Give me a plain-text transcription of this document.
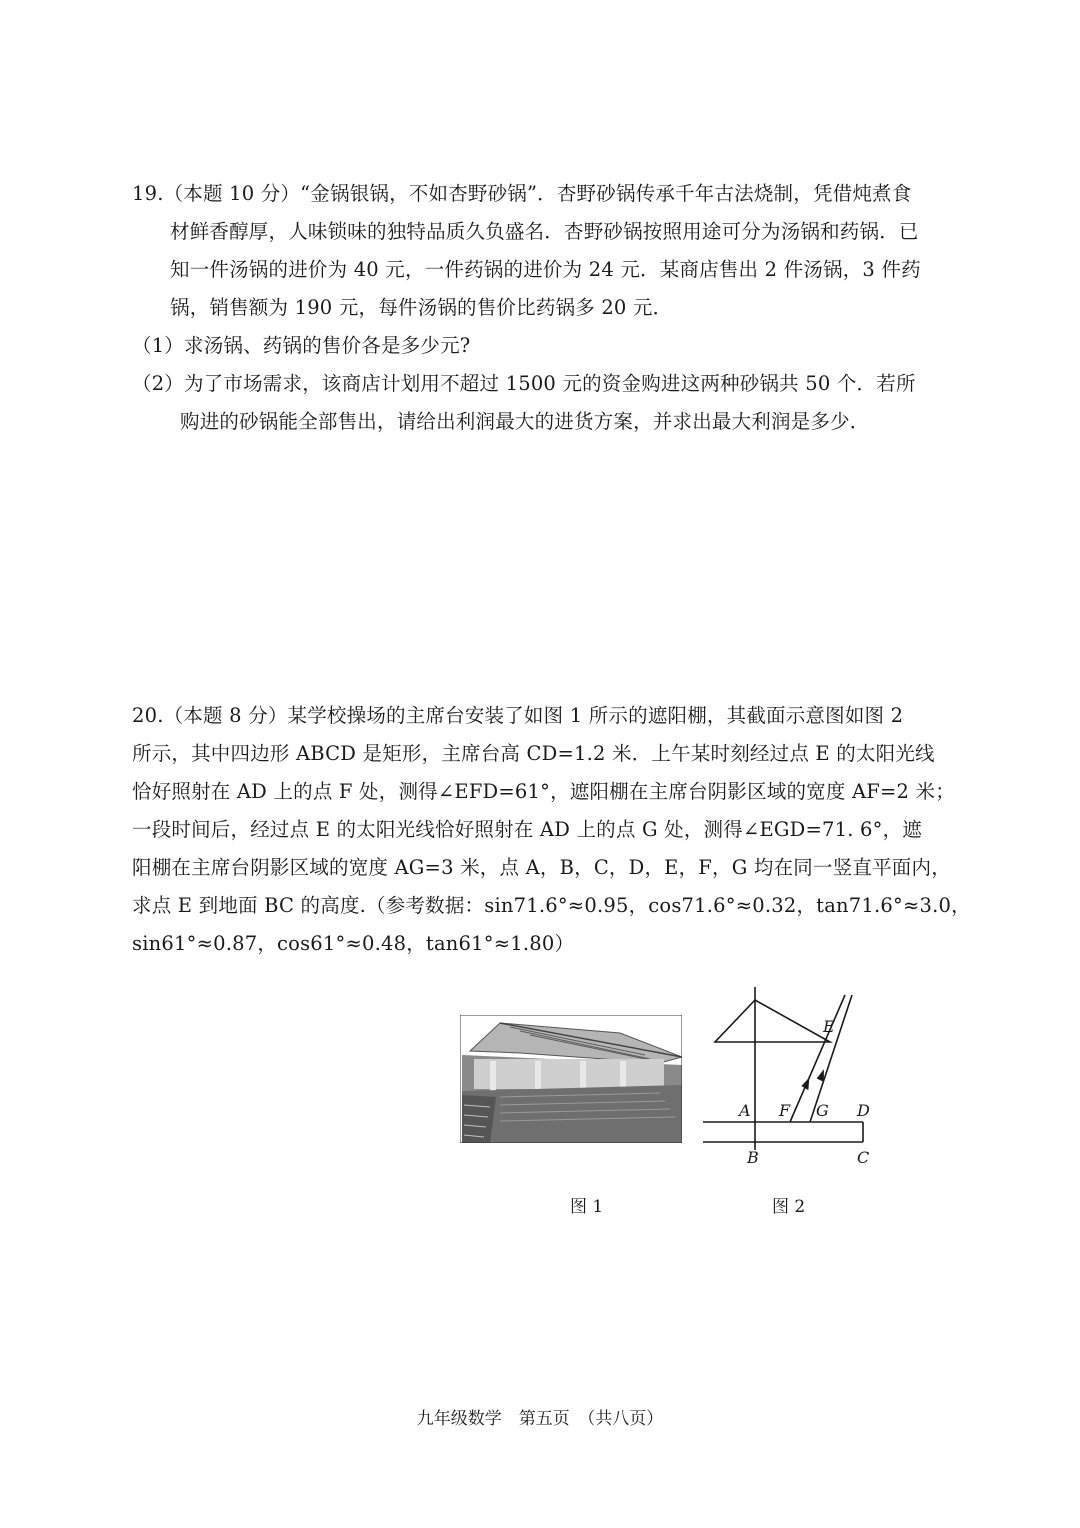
19.（本题 10 分）“金锅银锅，不如杏野砂锅”．杏野砂锅传承千年古法烧制，凭借炖煮食
材鲜香醇厚，人味锁味的独特品质久负盛名．杏野砂锅按照用途可分为汤锅和药锅．已
知一件汤锅的进价为 40 元，一件药锅的进价为 24 元．某商店售出 2 件汤锅，3 件药
锅，销售额为 190 元，每件汤锅的售价比药锅多 20 元．
（1）求汤锅、药锅的售价各是多少元?
（2）为了市场需求，该商店计划用不超过 1500 元的资金购进这两种砂锅共 50 个．若所
购进的砂锅能全部售出，请给出利润最大的进货方案，并求出最大利润是多少．
20.（本题 8 分）某学校操场的主席台安装了如图 1 所示的遮阳棚，其截面示意图如图 2
所示，其中四边形 ABCD 是矩形，主席台高 CD=1.2 米．上午某时刻经过点 E 的太阳光线
恰好照射在 AD 上的点 F 处，测得∠EFD=61°，遮阳棚在主席台阴影区域的宽度 AF=2 米；
一段时间后，经过点 E 的太阳光线恰好照射在 AD 上的点 G 处，测得∠EGD=71. 6°，遮
阳棚在主席台阴影区域的宽度 AG=3 米，点 A，B，C，D，E，F，G 均在同一竖直平面内，
求点 E 到地面 BC 的高度.（参考数据：sin71.6°≈0.95，cos71.6°≈0.32，tan71.6°≈3.0，
sin61°≈0.87，cos61°≈0.48，tan61°≈1.80）
E
A F G D
B	C
图 1	图 2
九年级数学　第五页　（共八页）
